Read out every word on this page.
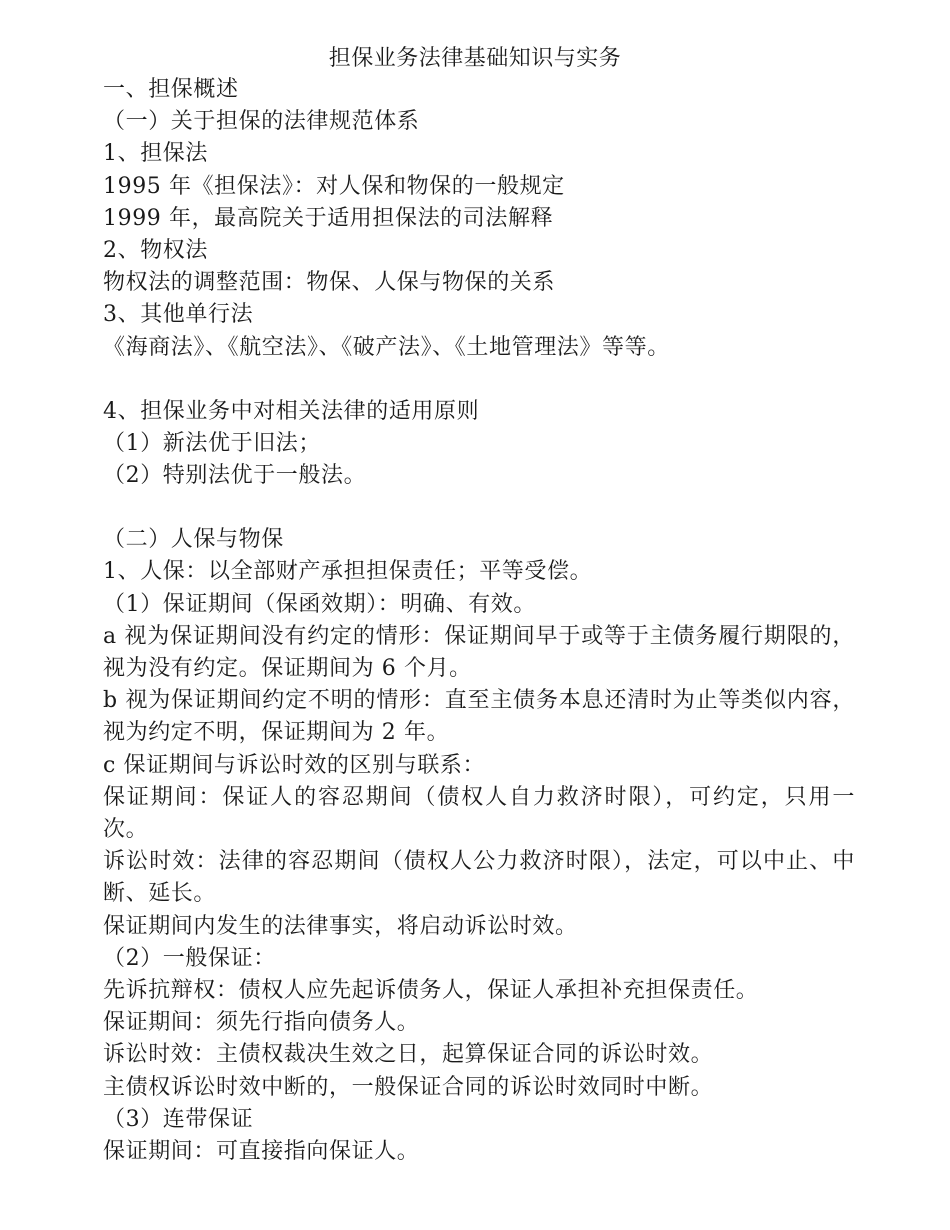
担保业务法律基础知识与实务
一、担保概述
（一）关于担保的法律规范体系
1、担保法
1995 年《担保法》：对人保和物保的一般规定
1999 年，最高院关于适用担保法的司法解释
2、物权法
物权法的调整范围：物保、人保与物保的关系
3、其他单行法
《海商法》、《航空法》、《破产法》、《土地管理法》等等。
4、担保业务中对相关法律的适用原则
（1）新法优于旧法；
（2）特别法优于一般法。
（二）人保与物保
1、人保：以全部财产承担担保责任；平等受偿。
（1）保证期间（保函效期）：明确、有效。
a 视为保证期间没有约定的情形：保证期间早于或等于主债务履行期限的，视为没有约定。保证期间为 6 个月。
b 视为保证期间约定不明的情形：直至主债务本息还清时为止等类似内容，视为约定不明，保证期间为 2 年。
c 保证期间与诉讼时效的区别与联系：
保证期间：保证人的容忍期间（债权人自力救济时限），可约定，只用一次。
诉讼时效：法律的容忍期间（债权人公力救济时限），法定，可以中止、中断、延长。
保证期间内发生的法律事实，将启动诉讼时效。
（2）一般保证：
先诉抗辩权：债权人应先起诉债务人，保证人承担补充担保责任。
保证期间：须先行指向债务人。
诉讼时效：主债权裁决生效之日，起算保证合同的诉讼时效。
主债权诉讼时效中断的，一般保证合同的诉讼时效同时中断。
（3）连带保证
保证期间：可直接指向保证人。
